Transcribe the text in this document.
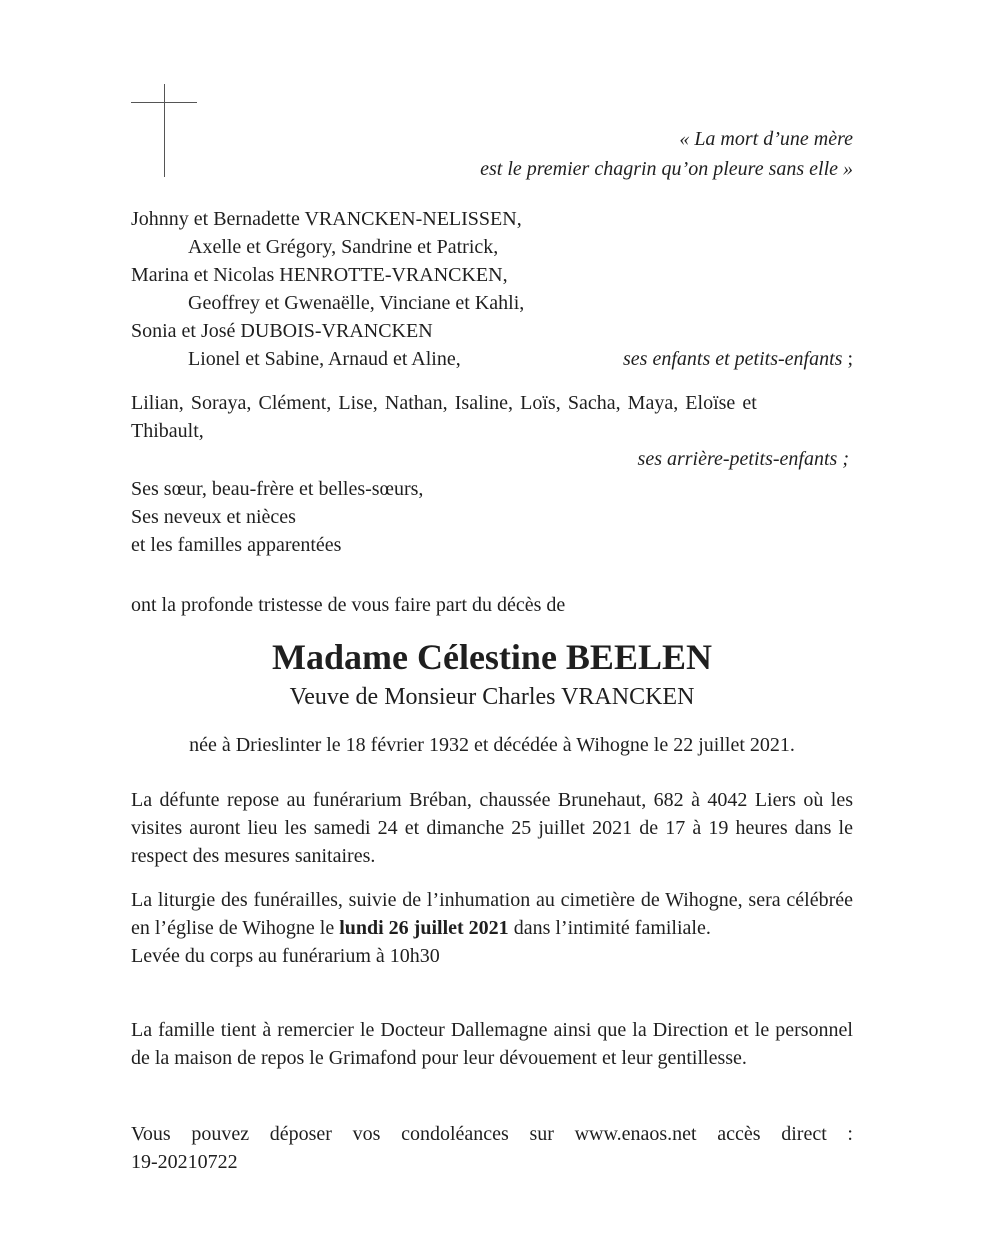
« La mort d’une mère
est le premier chagrin qu’on pleure sans elle »
Johnny et Bernadette VRANCKEN-NELISSEN,
Axelle et Grégory, Sandrine et Patrick,
Marina et Nicolas HENROTTE-VRANCKEN,
Geoffrey et Gwenaëlle, Vinciane et Kahli,
Sonia et José DUBOIS-VRANCKEN
Lionel et Sabine, Arnaud et Aline,	ses enfants et petits-enfants ;
Lilian, Soraya, Clément, Lise, Nathan, Isaline, Loïs, Sacha, Maya, Eloïse et
Thibault,
ses arrière-petits-enfants ;
Ses sœur, beau-frère et belles-sœurs,
Ses neveux et nièces
et les familles apparentées
ont la profonde tristesse de vous faire part du décès de
Madame Célestine BEELEN
Veuve de Monsieur Charles VRANCKEN
née à Drieslinter le 18 février 1932 et décédée à Wihogne le 22 juillet 2021.

La défunte repose au funérarium Bréban, chaussée Brunehaut, 682 à 4042 Liers où les visites auront lieu les samedi 24 et dimanche 25 juillet 2021 de 17 à 19 heures dans le respect des mesures sanitaires.

La liturgie des funérailles, suivie de l’inhumation au cimetière de Wihogne, sera célébrée en l’église de Wihogne le lundi 26 juillet 2021 dans l’intimité familiale.

Levée du corps au funérarium à 10h30

La famille tient à remercier le Docteur Dallemagne ainsi que la Direction et le personnel de la maison de repos le Grimafond pour leur dévouement et leur gentillesse.

Vous pouvez déposer vos condoléances sur www.enaos.net accès direct :
19-20210722
